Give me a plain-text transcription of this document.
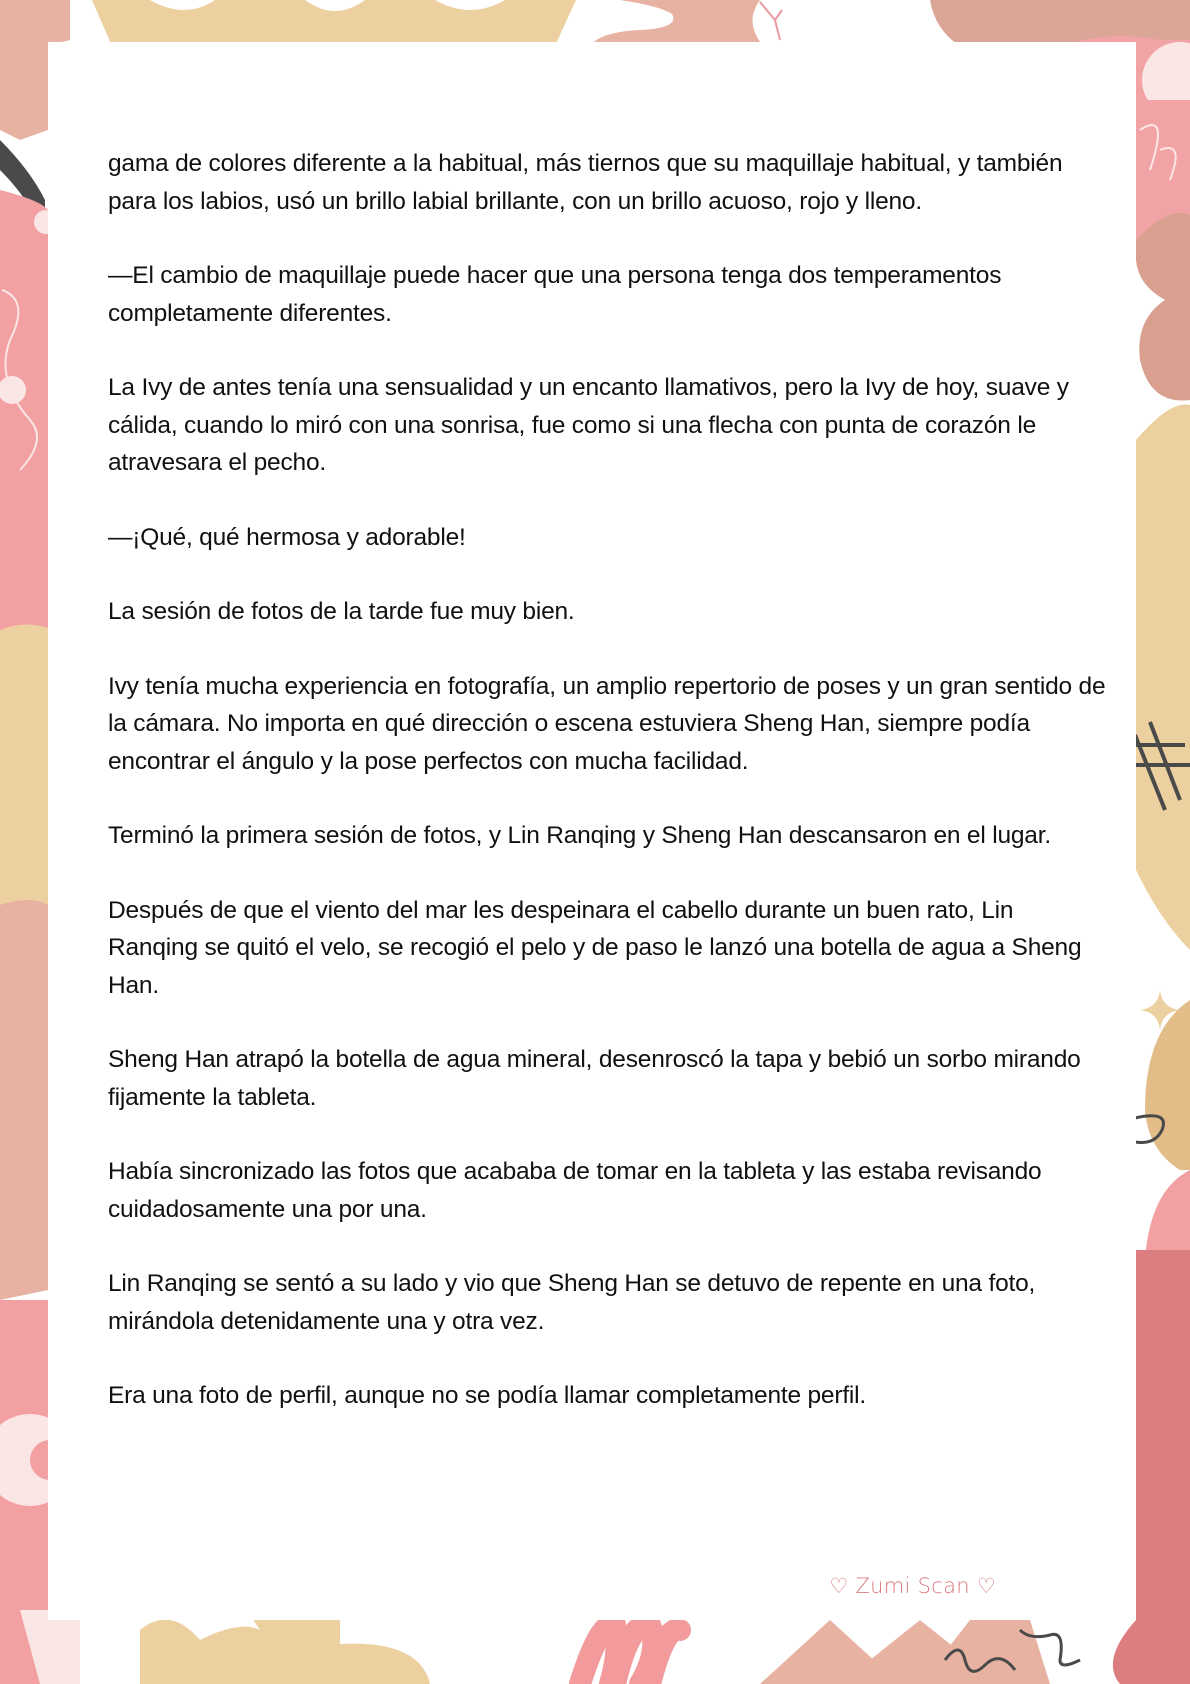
gama de colores diferente a la habitual, más tiernos que su maquillaje habitual, y también para los labios, usó un brillo labial brillante, con un brillo acuoso, rojo y lleno.

—El cambio de maquillaje puede hacer que una persona tenga dos temperamentos completamente diferentes.

La Ivy de antes tenía una sensualidad y un encanto llamativos, pero la Ivy de hoy, suave y cálida, cuando lo miró con una sonrisa, fue como si una flecha con punta de corazón le atravesara el pecho.

—¡Qué, qué hermosa y adorable!

La sesión de fotos de la tarde fue muy bien.

Ivy tenía mucha experiencia en fotografía, un amplio repertorio de poses y un gran sentido de la cámara. No importa en qué dirección o escena estuviera Sheng Han, siempre podía encontrar el ángulo y la pose perfectos con mucha facilidad.

Terminó la primera sesión de fotos, y Lin Ranqing y Sheng Han descansaron en el lugar.

Después de que el viento del mar les despeinara el cabello durante un buen rato, Lin Ranqing se quitó el velo, se recogió el pelo y de paso le lanzó una botella de agua a Sheng Han.

Sheng Han atrapó la botella de agua mineral, desenroscó la tapa y bebió un sorbo mirando fijamente la tableta.

Había sincronizado las fotos que acababa de tomar en la tableta y las estaba revisando cuidadosamente una por una.

Lin Ranqing se sentó a su lado y vio que Sheng Han se detuvo de repente en una foto, mirándola detenidamente una y otra vez.

Era una foto de perfil, aunque no se podía llamar completamente perfil.

♡ Zumi Scan ♡
